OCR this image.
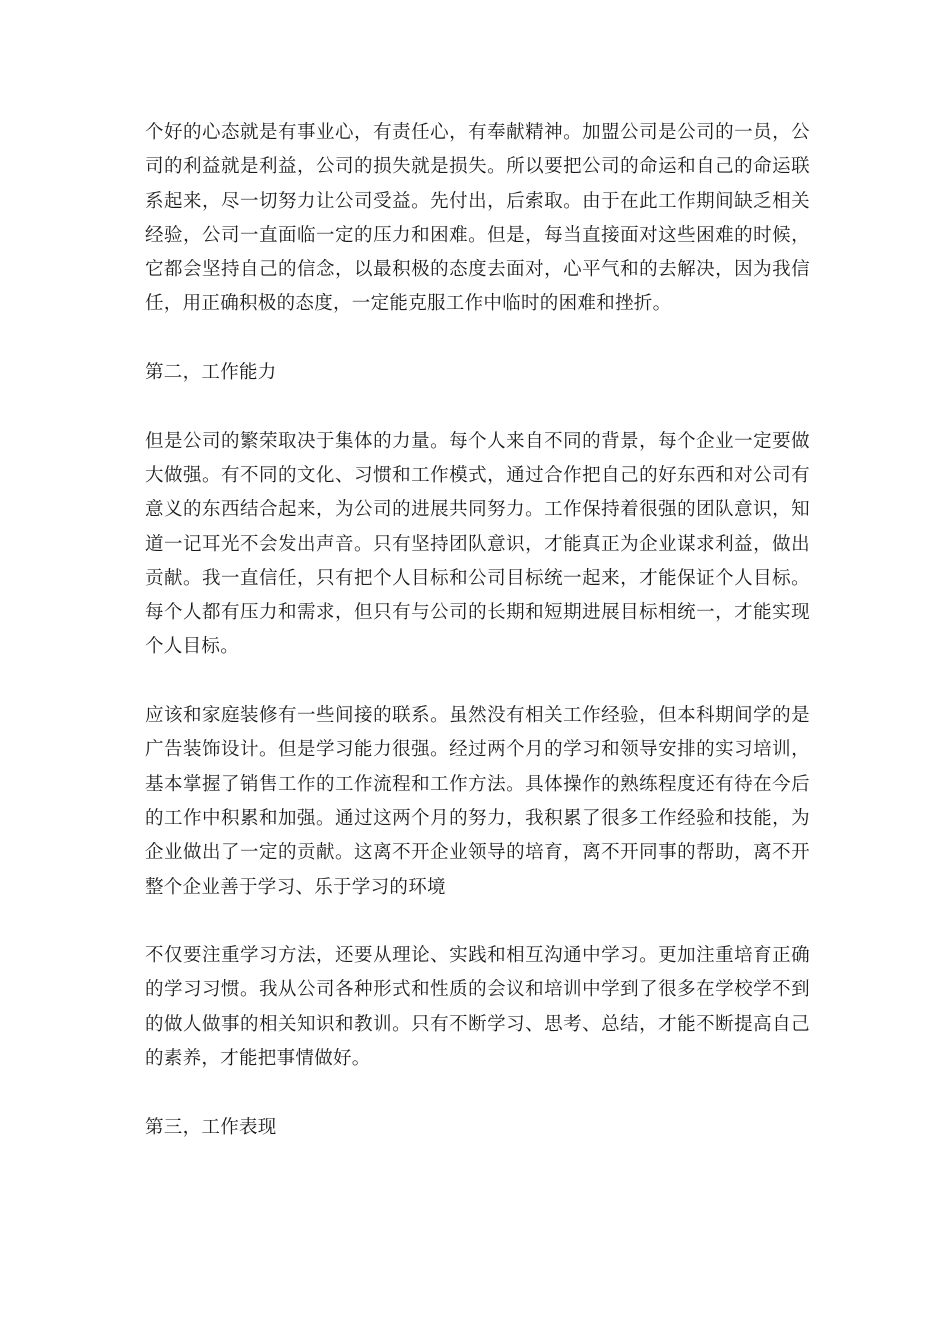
个好的心态就是有事业心，有责任心，有奉献精神。加盟公司是公司的一员，公司的利益就是利益，公司的损失就是损失。所以要把公司的命运和自己的命运联系起来，尽一切努力让公司受益。先付出，后索取。由于在此工作期间缺乏相关经验，公司一直面临一定的压力和困难。但是，每当直接面对这些困难的时候，它都会坚持自己的信念，以最积极的态度去面对，心平气和的去解决，因为我信任，用正确积极的态度，一定能克服工作中临时的困难和挫折。

第二，工作能力

但是公司的繁荣取决于集体的力量。每个人来自不同的背景，每个企业一定要做大做强。有不同的文化、习惯和工作模式，通过合作把自己的好东西和对公司有意义的东西结合起来，为公司的进展共同努力。工作保持着很强的团队意识，知道一记耳光不会发出声音。只有坚持团队意识，才能真正为企业谋求利益，做出贡献。我一直信任，只有把个人目标和公司目标统一起来，才能保证个人目标。每个人都有压力和需求，但只有与公司的长期和短期进展目标相统一，才能实现个人目标。

应该和家庭装修有一些间接的联系。虽然没有相关工作经验，但本科期间学的是广告装饰设计。但是学习能力很强。经过两个月的学习和领导安排的实习培训，基本掌握了销售工作的工作流程和工作方法。具体操作的熟练程度还有待在今后的工作中积累和加强。通过这两个月的努力，我积累了很多工作经验和技能，为企业做出了一定的贡献。这离不开企业领导的培育，离不开同事的帮助，离不开整个企业善于学习、乐于学习的环境

不仅要注重学习方法，还要从理论、实践和相互沟通中学习。更加注重培育正确的学习习惯。我从公司各种形式和性质的会议和培训中学到了很多在学校学不到的做人做事的相关知识和教训。只有不断学习、思考、总结，才能不断提高自己的素养，才能把事情做好。

第三，工作表现
